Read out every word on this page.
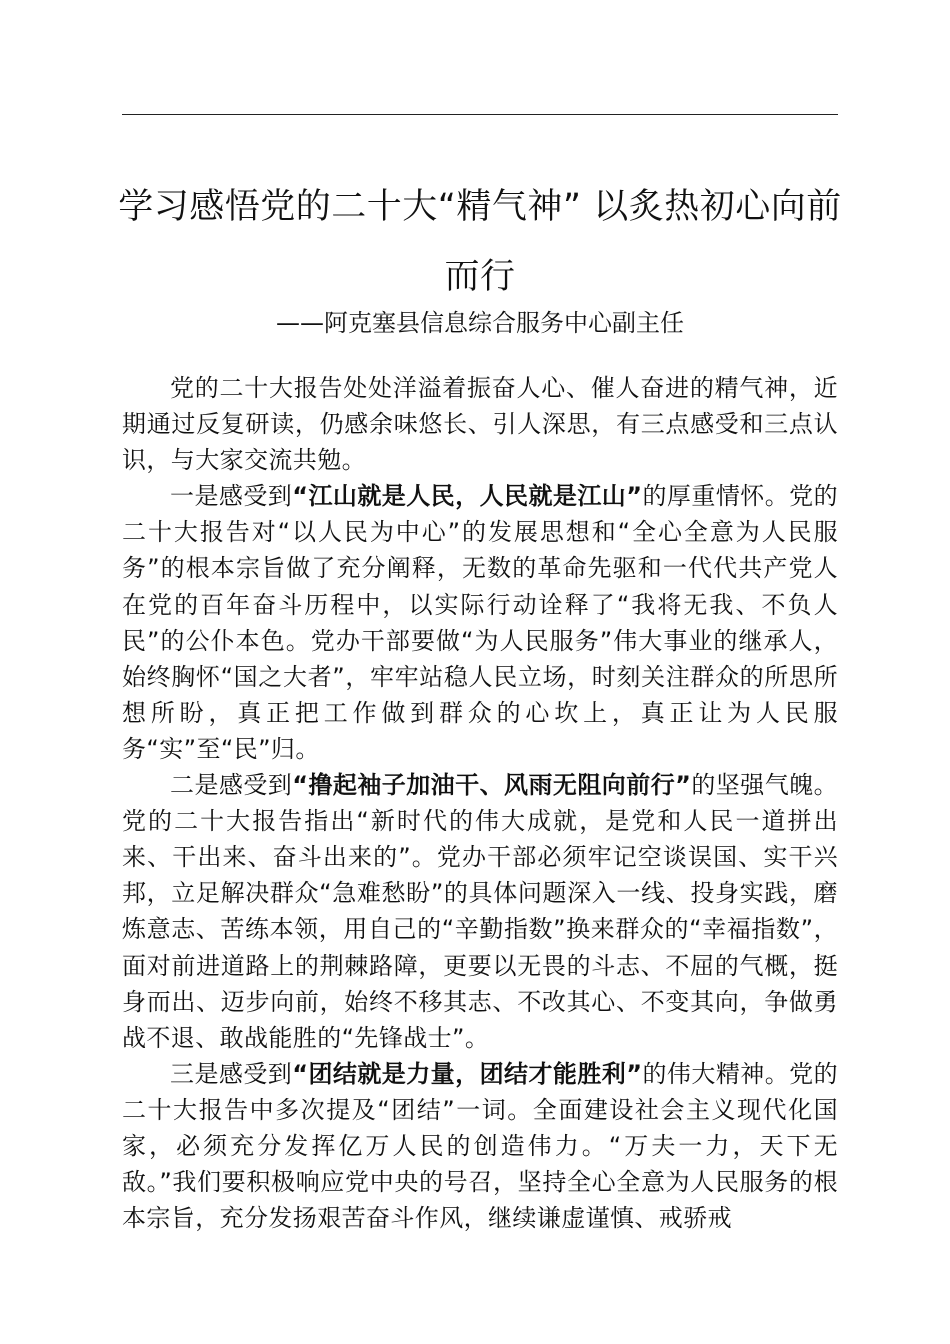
学习感悟党的二十大“精气神” 以炙热初心向前而行
——阿克塞县信息综合服务中心副主任

党的二十大报告处处洋溢着振奋人心、催人奋进的精气神，近期通过反复研读，仍感余味悠长、引人深思，有三点感受和三点认识，与大家交流共勉。

一是感受到“江山就是人民，人民就是江山”的厚重情怀。党的二十大报告对“以人民为中心”的发展思想和“全心全意为人民服务”的根本宗旨做了充分阐释，无数的革命先驱和一代代共产党人在党的百年奋斗历程中，以实际行动诠释了“我将无我、不负人民”的公仆本色。党办干部要做“为人民服务”伟大事业的继承人，始终胸怀“国之大者”，牢牢站稳人民立场，时刻关注群众的所思所想所盼，真正把工作做到群众的心坎上，真正让为人民服务“实”至“民”归。

二是感受到“撸起袖子加油干、风雨无阻向前行”的坚强气魄。党的二十大报告指出“新时代的伟大成就，是党和人民一道拼出来、干出来、奋斗出来的”。党办干部必须牢记空谈误国、实干兴邦，立足解决群众“急难愁盼”的具体问题深入一线、投身实践，磨炼意志、苦练本领，用自己的“辛勤指数”换来群众的“幸福指数”，面对前进道路上的荆棘路障，更要以无畏的斗志、不屈的气概，挺身而出、迈步向前，始终不移其志、不改其心、不变其向，争做勇战不退、敢战能胜的“先锋战士”。

三是感受到“团结就是力量，团结才能胜利”的伟大精神。党的二十大报告中多次提及“团结”一词。全面建设社会主义现代化国家，必须充分发挥亿万人民的创造伟力。“万夫一力，天下无敌。”我们要积极响应党中央的号召，坚持全心全意为人民服务的根本宗旨，充分发扬艰苦奋斗作风，继续谦虚谨慎、戒骄戒
